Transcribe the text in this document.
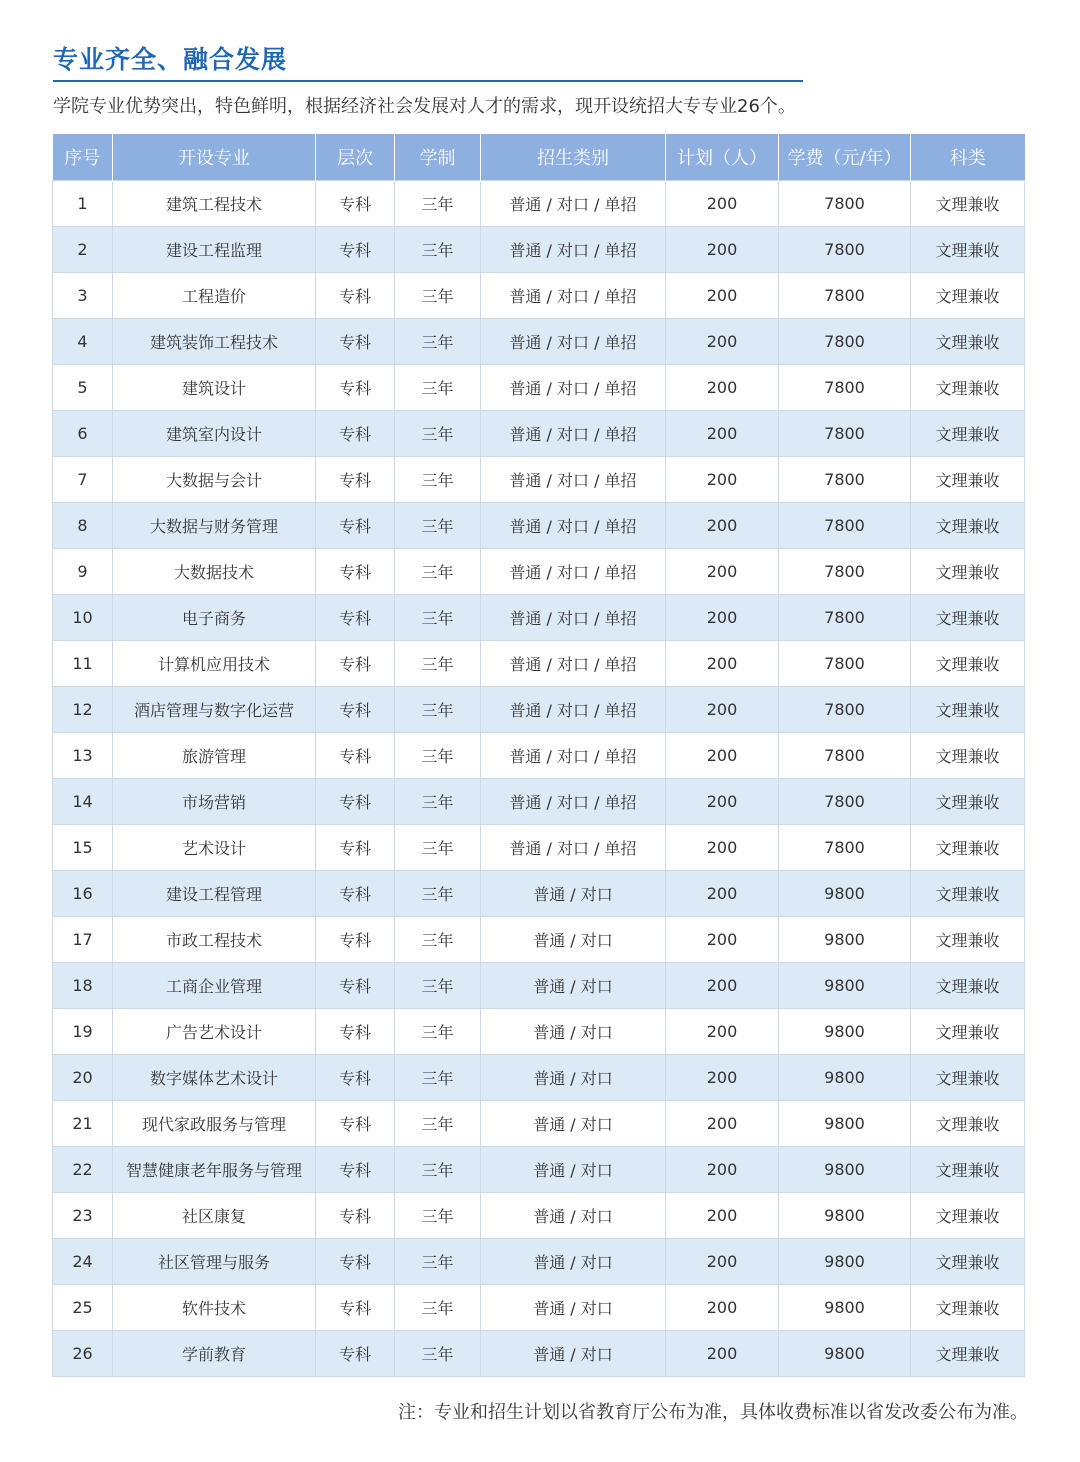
专业齐全、融合发展
学院专业优势突出，特色鲜明，根据经济社会发展对人才的需求，现开设统招大专专业26个。
序号	开设专业	层次	学制	招生类别	计划（人）	学费（元/年）	科类
1	建筑工程技术	专科	三年	普通 / 对口 / 单招	200	7800	文理兼收
2	建设工程监理	专科	三年	普通 / 对口 / 单招	200	7800	文理兼收
3	工程造价	专科	三年	普通 / 对口 / 单招	200	7800	文理兼收
4	建筑装饰工程技术	专科	三年	普通 / 对口 / 单招	200	7800	文理兼收
5	建筑设计	专科	三年	普通 / 对口 / 单招	200	7800	文理兼收
6	建筑室内设计	专科	三年	普通 / 对口 / 单招	200	7800	文理兼收
7	大数据与会计	专科	三年	普通 / 对口 / 单招	200	7800	文理兼收
8	大数据与财务管理	专科	三年	普通 / 对口 / 单招	200	7800	文理兼收
9	大数据技术	专科	三年	普通 / 对口 / 单招	200	7800	文理兼收
10	电子商务	专科	三年	普通 / 对口 / 单招	200	7800	文理兼收
11	计算机应用技术	专科	三年	普通 / 对口 / 单招	200	7800	文理兼收
12	酒店管理与数字化运营	专科	三年	普通 / 对口 / 单招	200	7800	文理兼收
13	旅游管理	专科	三年	普通 / 对口 / 单招	200	7800	文理兼收
14	市场营销	专科	三年	普通 / 对口 / 单招	200	7800	文理兼收
15	艺术设计	专科	三年	普通 / 对口 / 单招	200	7800	文理兼收
16	建设工程管理	专科	三年	普通 / 对口	200	9800	文理兼收
17	市政工程技术	专科	三年	普通 / 对口	200	9800	文理兼收
18	工商企业管理	专科	三年	普通 / 对口	200	9800	文理兼收
19	广告艺术设计	专科	三年	普通 / 对口	200	9800	文理兼收
20	数字媒体艺术设计	专科	三年	普通 / 对口	200	9800	文理兼收
21	现代家政服务与管理	专科	三年	普通 / 对口	200	9800	文理兼收
22	智慧健康老年服务与管理	专科	三年	普通 / 对口	200	9800	文理兼收
23	社区康复	专科	三年	普通 / 对口	200	9800	文理兼收
24	社区管理与服务	专科	三年	普通 / 对口	200	9800	文理兼收
25	软件技术	专科	三年	普通 / 对口	200	9800	文理兼收
26	学前教育	专科	三年	普通 / 对口	200	9800	文理兼收
注：专业和招生计划以省教育厅公布为准，具体收费标准以省发改委公布为准。
